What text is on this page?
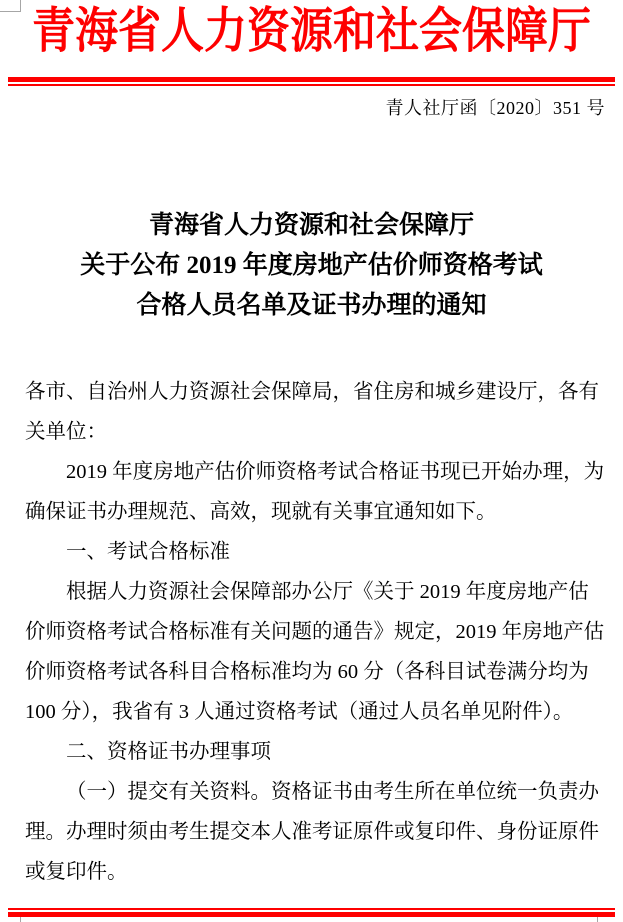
青海省人力资源和社会保障厅
青人社厅函〔2020〕351 号
青海省人力资源和社会保障厅
关于公布 2019 年度房地产估价师资格考试
合格人员名单及证书办理的通知
各市、自治州人力资源社会保障局，省住房和城乡建设厅，各有
关单位：
2019 年度房地产估价师资格考试合格证书现已开始办理，为
确保证书办理规范、高效，现就有关事宜通知如下。
一、考试合格标准
根据人力资源社会保障部办公厅《关于 2019 年度房地产估
价师资格考试合格标准有关问题的通告》规定，2019 年房地产估
价师资格考试各科目合格标准均为 60 分（各科目试卷满分均为
100 分），我省有 3 人通过资格考试（通过人员名单见附件）。
二、资格证书办理事项
（一）提交有关资料。资格证书由考生所在单位统一负责办
理。办理时须由考生提交本人准考证原件或复印件、身份证原件
或复印件。
